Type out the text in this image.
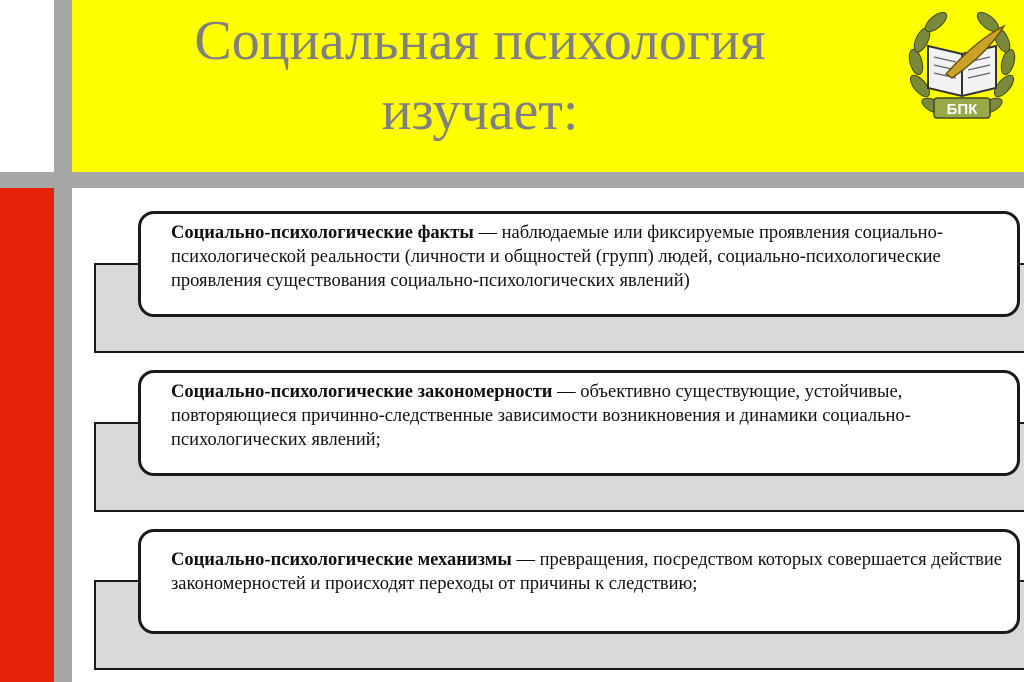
Социальная психология
изучает:	БПК
Социально-психологические факты — наблюдаемые или фиксируемые проявления социально-психологической реальности (личности и общностей (групп) людей, социально-психологические проявления существования социально-психологических явлений)
Социально-психологические закономерности — объективно существующие, устойчивые, повторяющиеся причинно-следственные зависимости возникновения и динамики социально-психологических явлений;
Социально-психологические механизмы — превращения, посредством которых совершается действие закономерностей и происходят переходы от причины к следствию;
